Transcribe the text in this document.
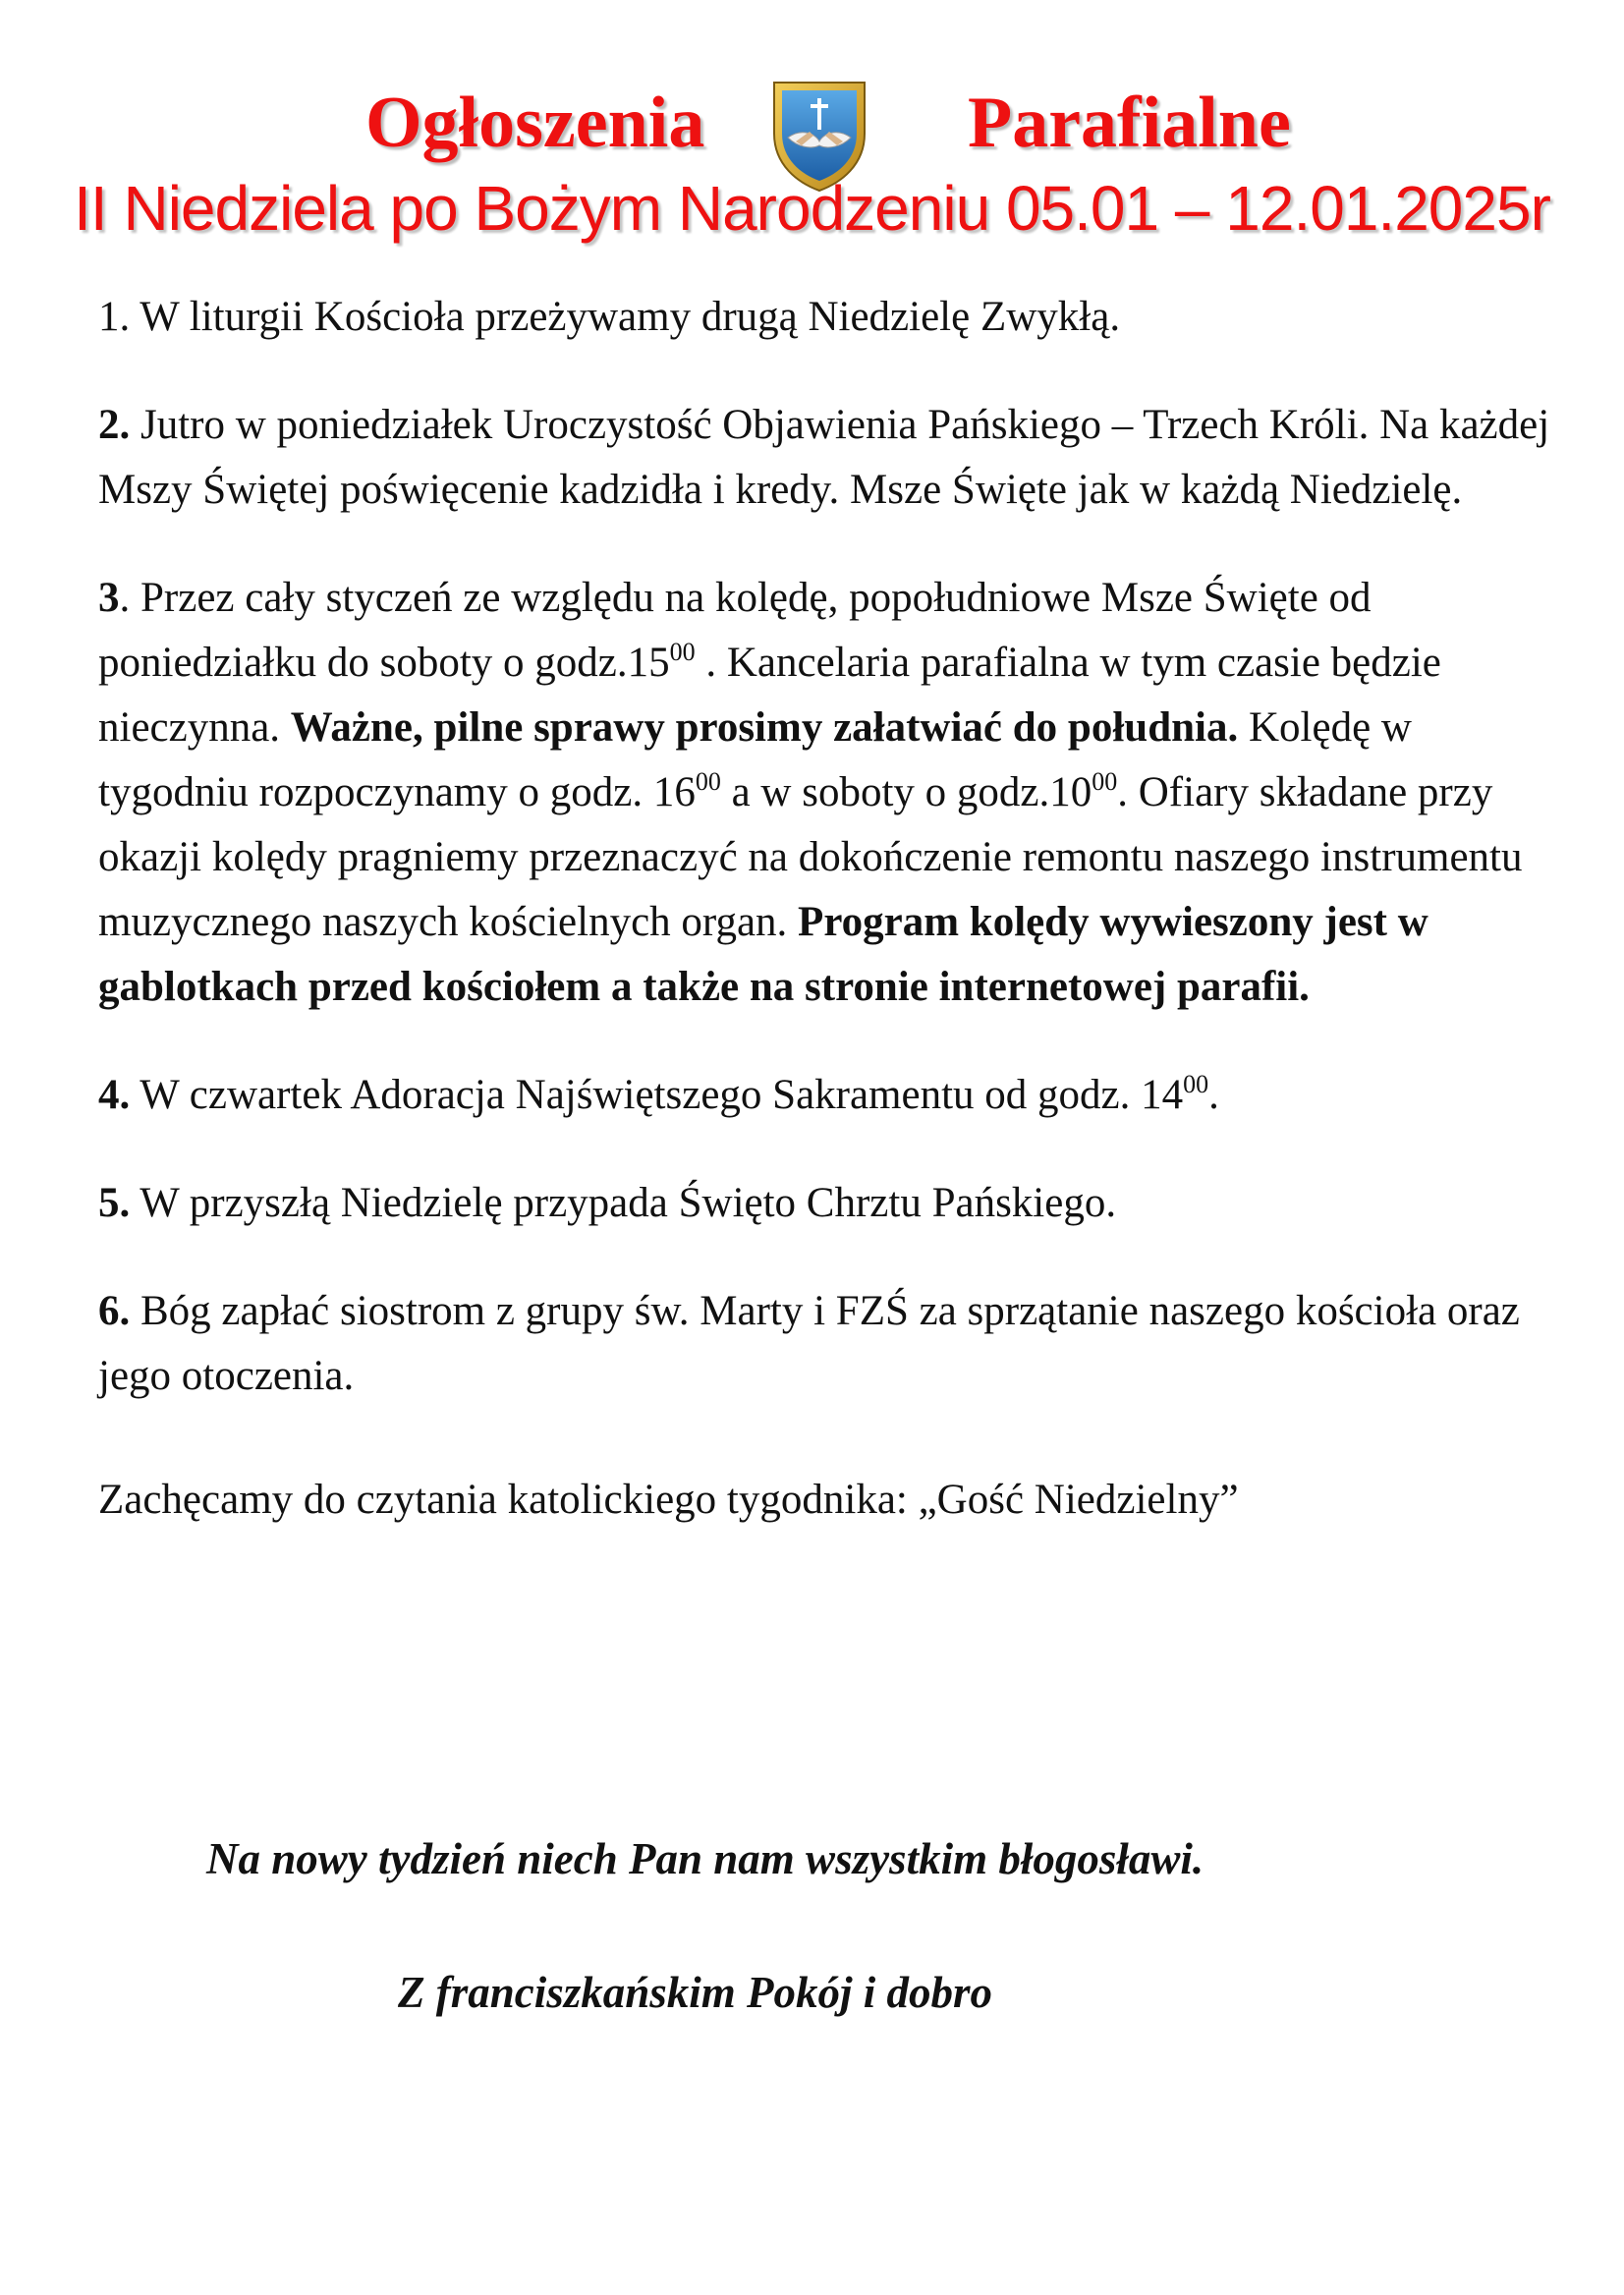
Ogłoszenia	Parafialne
II Niedziela po Bożym Narodzeniu 05.01 – 12.01.2025r

1. W liturgii Kościoła przeżywamy drugą Niedzielę Zwykłą.

2. Jutro w poniedziałek Uroczystość Objawienia Pańskiego – Trzech Króli. Na każdej Mszy Świętej poświęcenie kadzidła i kredy. Msze Święte jak w każdą Niedzielę.

3. Przez cały styczeń ze względu na kolędę, popołudniowe Msze Święte od poniedziałku do soboty o $godz.15^{00}$ . Kancelaria parafialna w tym czasie będzie nieczynna. Ważne, pilne sprawy prosimy załatwiać do południa. Kolędę w tygodniu rozpoczynamy o godz. $16^{00}$ a w soboty o $godz.10^{00}$. Ofiary składane przy okazji kolędy pragniemy przeznaczyć na dokończenie remontu naszego instrumentu muzycznego naszych kościelnych organ. Program kolędy wywieszony jest w gablotkach przed kościołem a także na stronie internetowej parafii.

4. W czwartek Adoracja Najświętszego Sakramentu od godz. $14^{00}$.

5. W przyszłą Niedzielę przypada Święto Chrztu Pańskiego.

6. Bóg zapłać siostrom z grupy św. Marty i FZŚ za sprzątanie naszego kościoła oraz jego otoczenia.

Zachęcamy do czytania katolickiego tygodnika: „Gość Niedzielny”

Na nowy tydzień niech Pan nam wszystkim błogosławi.
Z franciszkańskim Pokój i dobro
